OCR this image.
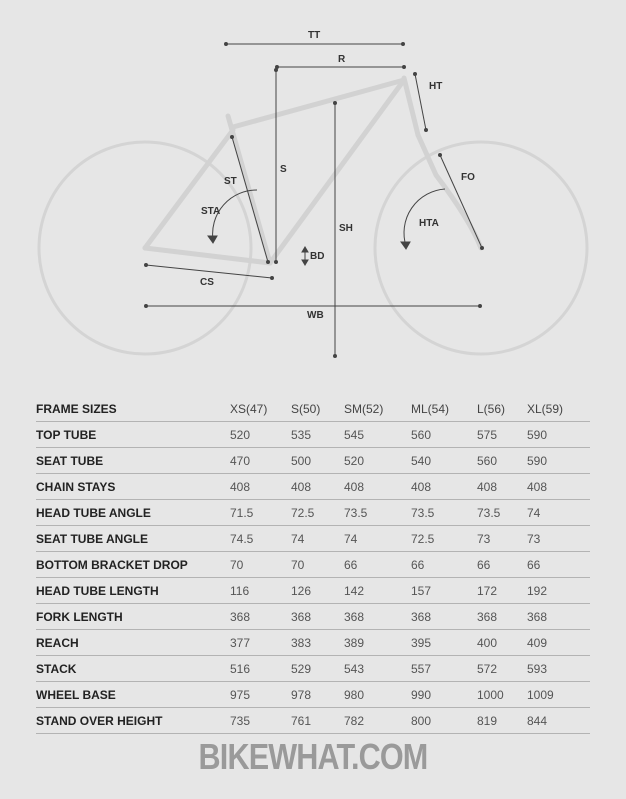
TT
R
HT
S
ST
STA
FO
HTA
SH
BD
CS
WB
FRAME SIZES	XS(47)	S(50)	SM(52)	ML(54)	L(56)	XL(59)
TOP TUBE	520	535	545	560	575	590
SEAT TUBE	470	500	520	540	560	590
CHAIN STAYS	408	408	408	408	408	408
HEAD TUBE ANGLE	71.5	72.5	73.5	73.5	73.5	74
SEAT TUBE ANGLE	74.5	74	74	72.5	73	73
BOTTOM BRACKET DROP	70	70	66	66	66	66
HEAD TUBE LENGTH	116	126	142	157	172	192
FORK LENGTH	368	368	368	368	368	368
REACH	377	383	389	395	400	409
STACK	516	529	543	557	572	593
WHEEL BASE	975	978	980	990	1000	1009
STAND OVER HEIGHT	735	761	782	800	819	844
BIKEWHAT.COM
